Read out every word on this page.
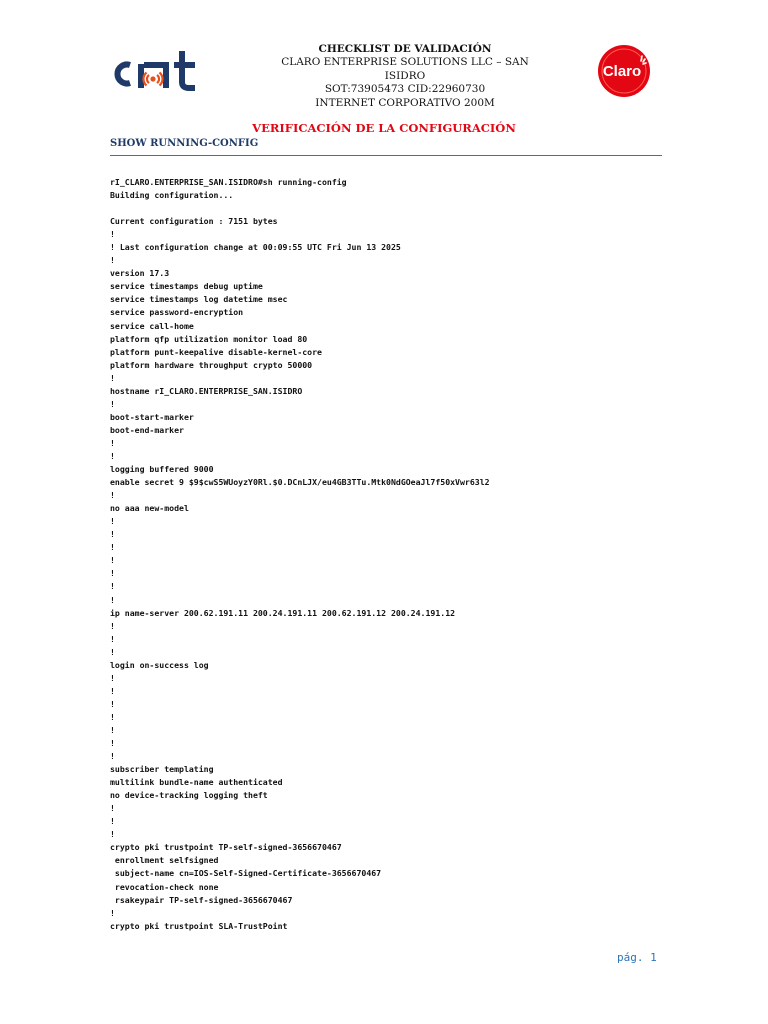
CHECKLIST DE VALIDACIÓN
CLARO ENTERPRISE SOLUTIONS LLC – SAN ISIDRO
SOT:73905473 CID:22960730
INTERNET CORPORATIVO 200M
Claro
VERIFICACIÓN DE LA CONFIGURACIÓN
SHOW RUNNING-CONFIG
rI_CLARO.ENTERPRISE_SAN.ISIDRO#sh running-config
Building configuration...
Current configuration : 7151 bytes
!
! Last configuration change at 00:09:55 UTC Fri Jun 13 2025
!
version 17.3
service timestamps debug uptime
service timestamps log datetime msec
service password-encryption
service call-home
platform qfp utilization monitor load 80
platform punt-keepalive disable-kernel-core
platform hardware throughput crypto 50000
!
hostname rI_CLARO.ENTERPRISE_SAN.ISIDRO
!
boot-start-marker
boot-end-marker
!
!
logging buffered 9000
enable secret 9 $9$cwS5WUoyzY0Rl.$0.DCnLJX/eu4GB3TTu.Mtk0NdGOeaJl7f50xVwr63l2
!
no aaa new-model
!
!
!
!
!
!
!
ip name-server 200.62.191.11 200.24.191.11 200.62.191.12 200.24.191.12
!
!
!
login on-success log
!
!
!
!
!
!
!
subscriber templating
multilink bundle-name authenticated
no device-tracking logging theft
!
!
!
crypto pki trustpoint TP-self-signed-3656670467
enrollment selfsigned
subject-name cn=IOS-Self-Signed-Certificate-3656670467
revocation-check none
rsakeypair TP-self-signed-3656670467
!
crypto pki trustpoint SLA-TrustPoint
pág. 1
